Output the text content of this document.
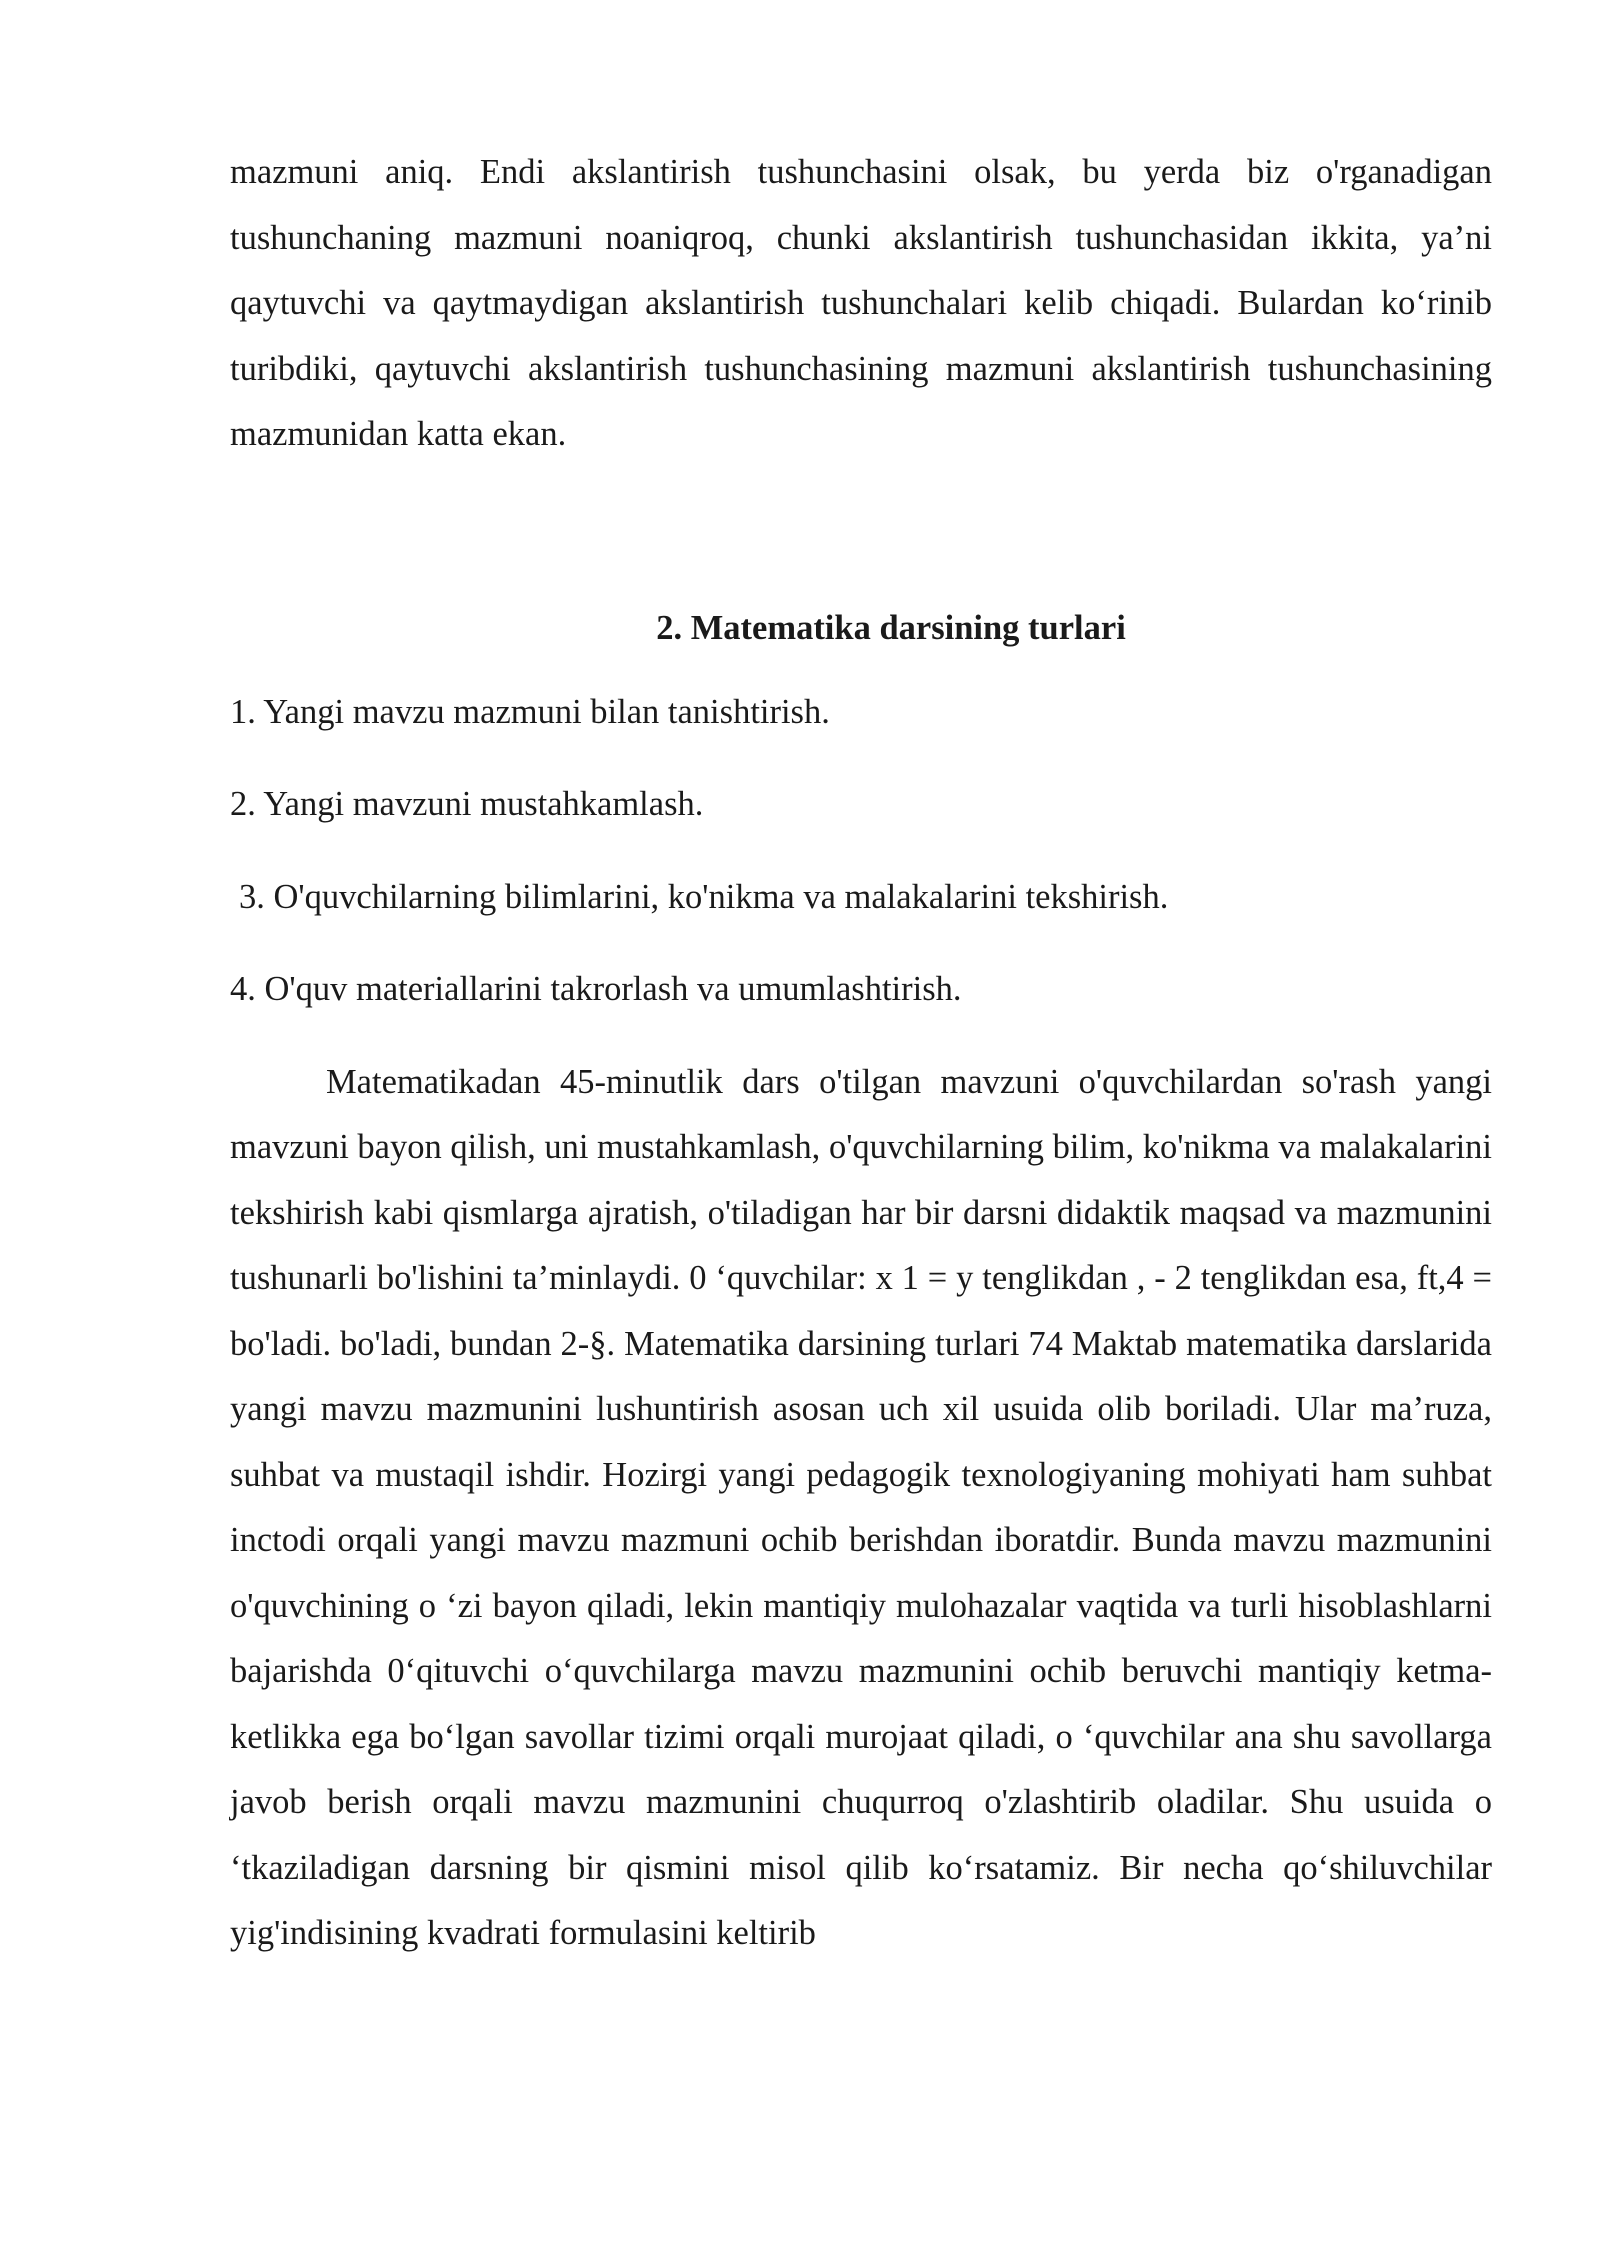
mazmuni aniq. Endi akslantirish tushunchasini olsak, bu yerda biz o'rganadigan tushunchaning mazmuni noaniqroq, chunki akslantirish tushunchasidan ikkita, ya’ni qaytuvchi va qaytmaydigan akslantirish tushunchalari kelib chiqadi. Bulardan ko‘rinib turibdiki, qaytuvchi akslantirish tushunchasining mazmuni akslantirish tushunchasining mazmunidan katta ekan.

2. Matematika darsining turlari
1. Yangi mavzu mazmuni bilan tanishtirish.
2. Yangi mavzuni mustahkamlash.
3. O'quvchilarning bilimlarini, ko'nikma va malakalarini tekshirish.
4. O'quv materiallarini takrorlash va umumlashtirish.

Matematikadan 45-minutlik dars o'tilgan mavzuni o'quvchilardan so'rash yangi mavzuni bayon qilish, uni mustahkamlash, o'quvchilarning bilim, ko'nikma va malakalarini tekshirish kabi qismlarga ajratish, o'tiladigan har bir darsni didaktik maqsad va mazmunini tushunarli bo'lishini ta’minlaydi. 0 ‘quvchilar: x 1 = y tenglikdan , - 2 tenglikdan esa, ft,4 = bo'ladi. bo'ladi, bundan 2-§. Matematika darsining turlari 74 Maktab matematika darslarida yangi mavzu mazmunini lushuntirish asosan uch xil usuida olib boriladi. Ular ma’ruza, suhbat va mustaqil ishdir. Hozirgi yangi pedagogik texnologiyaning mohiyati ham suhbat inctodi orqali yangi mavzu mazmuni ochib berishdan iboratdir. Bunda mavzu mazmunini o'quvchining o ‘zi bayon qiladi, lekin mantiqiy mulohazalar vaqtida va turli hisoblashlarni bajarishda 0‘qituvchi o‘quvchilarga mavzu mazmunini ochib beruvchi mantiqiy ketma-ketlikka ega bo‘lgan savollar tizimi orqali murojaat qiladi, o ‘quvchilar ana shu savollarga javob berish orqali mavzu mazmunini chuqurroq o'zlashtirib oladilar. Shu usuida o ‘tkaziladigan darsning bir qismini misol qilib ko‘rsatamiz. Bir necha qo‘shiluvchilar yig'indisining kvadrati formulasini keltirib
